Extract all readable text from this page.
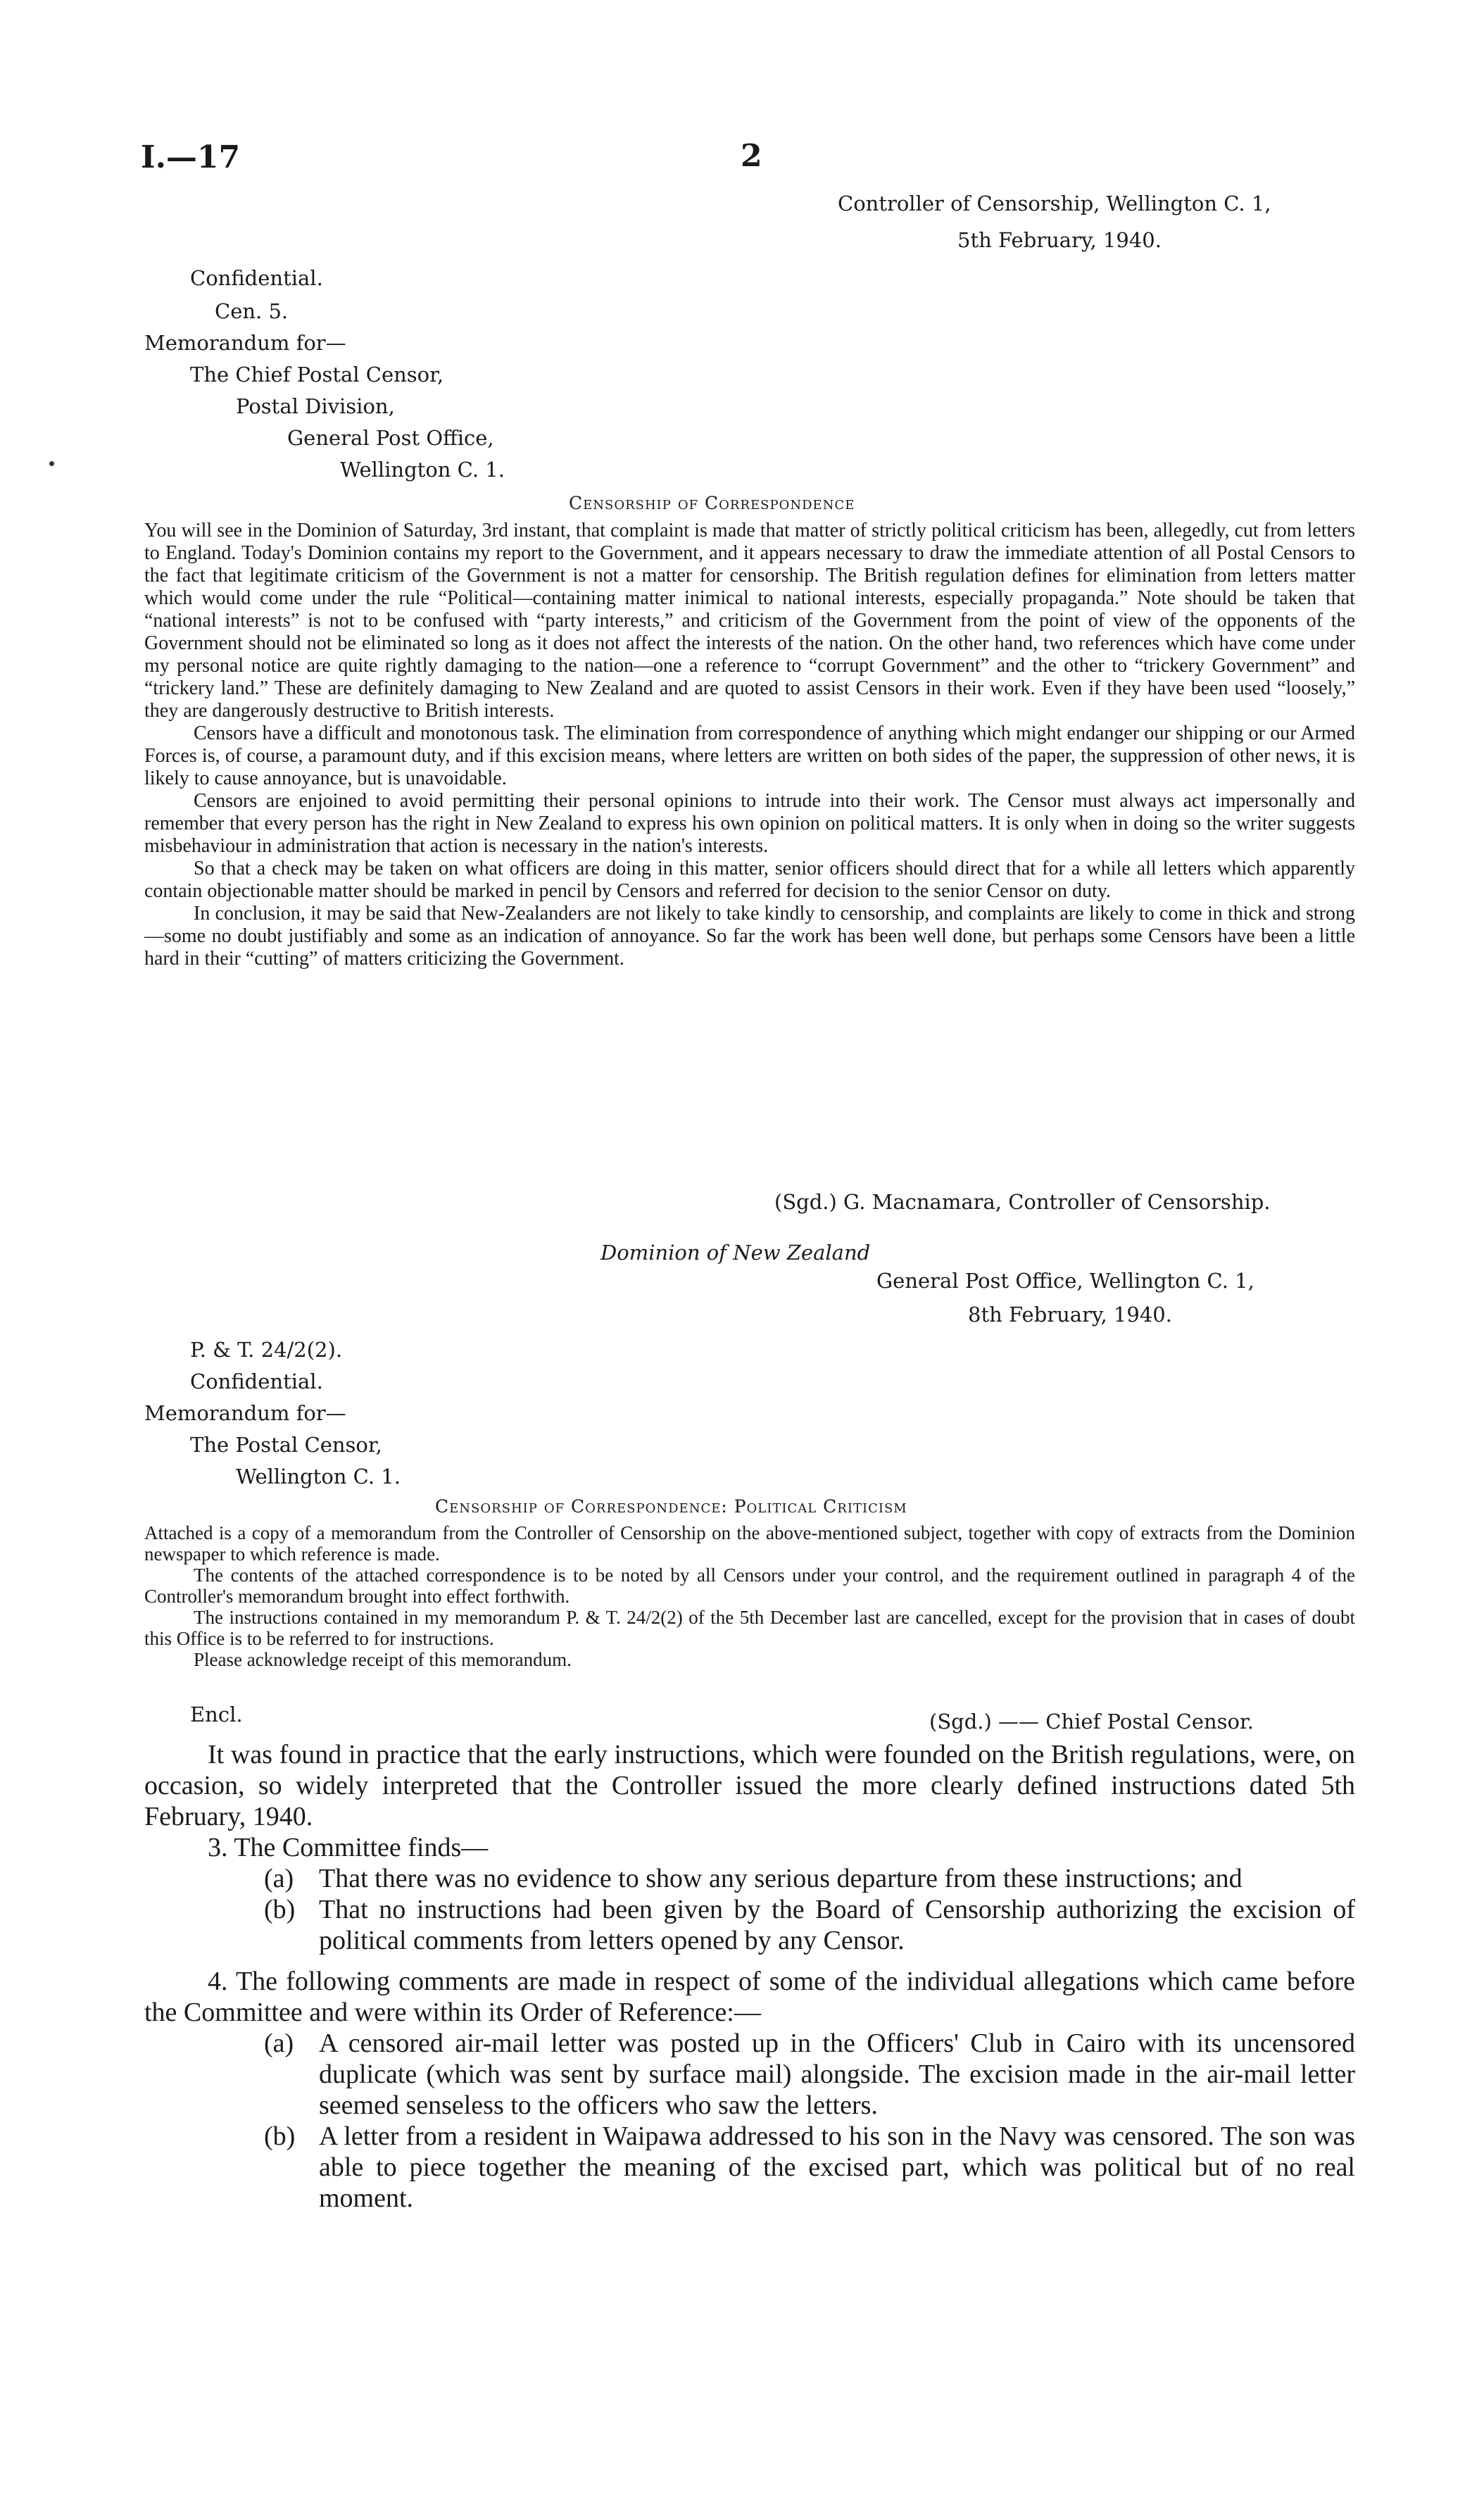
I.—17	2
Controller of Censorship, Wellington C. 1,
5th February, 1940.
Confidential.
Cen. 5.
Memorandum for—
The Chief Postal Censor,
Postal Division,
General Post Office,
Wellington C. 1.
Censorship of Correspondence

You will see in the Dominion of Saturday, 3rd instant, that complaint is made that matter of strictly political criticism has been, allegedly, cut from letters to England. Today's Dominion contains my report to the Government, and it appears necessary to draw the immediate attention of all Postal Censors to the fact that legitimate criticism of the Government is not a matter for censorship. The British regulation defines for elimination from letters matter which would come under the rule “Political—containing matter inimical to national interests, especially propaganda.” Note should be taken that “national interests” is not to be confused with “party interests,” and criticism of the Government from the point of view of the opponents of the Government should not be eliminated so long as it does not affect the interests of the nation. On the other hand, two references which have come under my personal notice are quite rightly damaging to the nation—one a reference to “corrupt Government” and the other to “trickery Government” and “trickery land.” These are definitely damaging to New Zealand and are quoted to assist Censors in their work. Even if they have been used “loosely,” they are dangerously destructive to British interests.

Censors have a difficult and monotonous task. The elimination from correspondence of anything which might endanger our shipping or our Armed Forces is, of course, a paramount duty, and if this excision means, where letters are written on both sides of the paper, the suppression of other news, it is likely to cause annoyance, but is unavoidable.

Censors are enjoined to avoid permitting their personal opinions to intrude into their work. The Censor must always act impersonally and remember that every person has the right in New Zealand to express his own opinion on political matters. It is only when in doing so the writer suggests misbehaviour in administration that action is necessary in the nation's interests.

So that a check may be taken on what officers are doing in this matter, senior officers should direct that for a while all letters which apparently contain objectionable matter should be marked in pencil by Censors and referred for decision to the senior Censor on duty.

In conclusion, it may be said that New-Zealanders are not likely to take kindly to censorship, and complaints are likely to come in thick and strong—some no doubt justifiably and some as an indication of annoyance. So far the work has been well done, but perhaps some Censors have been a little hard in their “cutting” of matters criticizing the Government.

(Sgd.) G. Macnamara, Controller of Censorship.
Dominion of New Zealand
General Post Office, Wellington C. 1,
8th February, 1940.
P. & T. 24/2(2).
Confidential.
Memorandum for—
The Postal Censor,
Wellington C. 1.
Censorship of Correspondence: Political Criticism

Attached is a copy of a memorandum from the Controller of Censorship on the above-mentioned subject, together with copy of extracts from the Dominion newspaper to which reference is made.

The contents of the attached correspondence is to be noted by all Censors under your control, and the requirement outlined in paragraph 4 of the Controller's memorandum brought into effect forthwith.

The instructions contained in my memorandum P. & T. 24/2(2) of the 5th December last are cancelled, except for the provision that in cases of doubt this Office is to be referred to for instructions.

Please acknowledge receipt of this memorandum.

Encl.	(Sgd.) —— Chief Postal Censor.

It was found in practice that the early instructions, which were founded on the British regulations, were, on occasion, so widely interpreted that the Controller issued the more clearly defined instructions dated 5th February, 1940.

3. The Committee finds—

(a) That there was no evidence to show any serious departure from these instructions; and
(b) That no instructions had been given by the Board of Censorship authorizing the excision of political comments from letters opened by any Censor.

4. The following comments are made in respect of some of the individual allegations which came before the Committee and were within its Order of Reference:—

(a) A censored air-mail letter was posted up in the Officers' Club in Cairo with its uncensored duplicate (which was sent by surface mail) alongside. The excision made in the air-mail letter seemed senseless to the officers who saw the letters.
(b) A letter from a resident in Waipawa addressed to his son in the Navy was censored. The son was able to piece together the meaning of the excised part, which was political but of no real moment.
